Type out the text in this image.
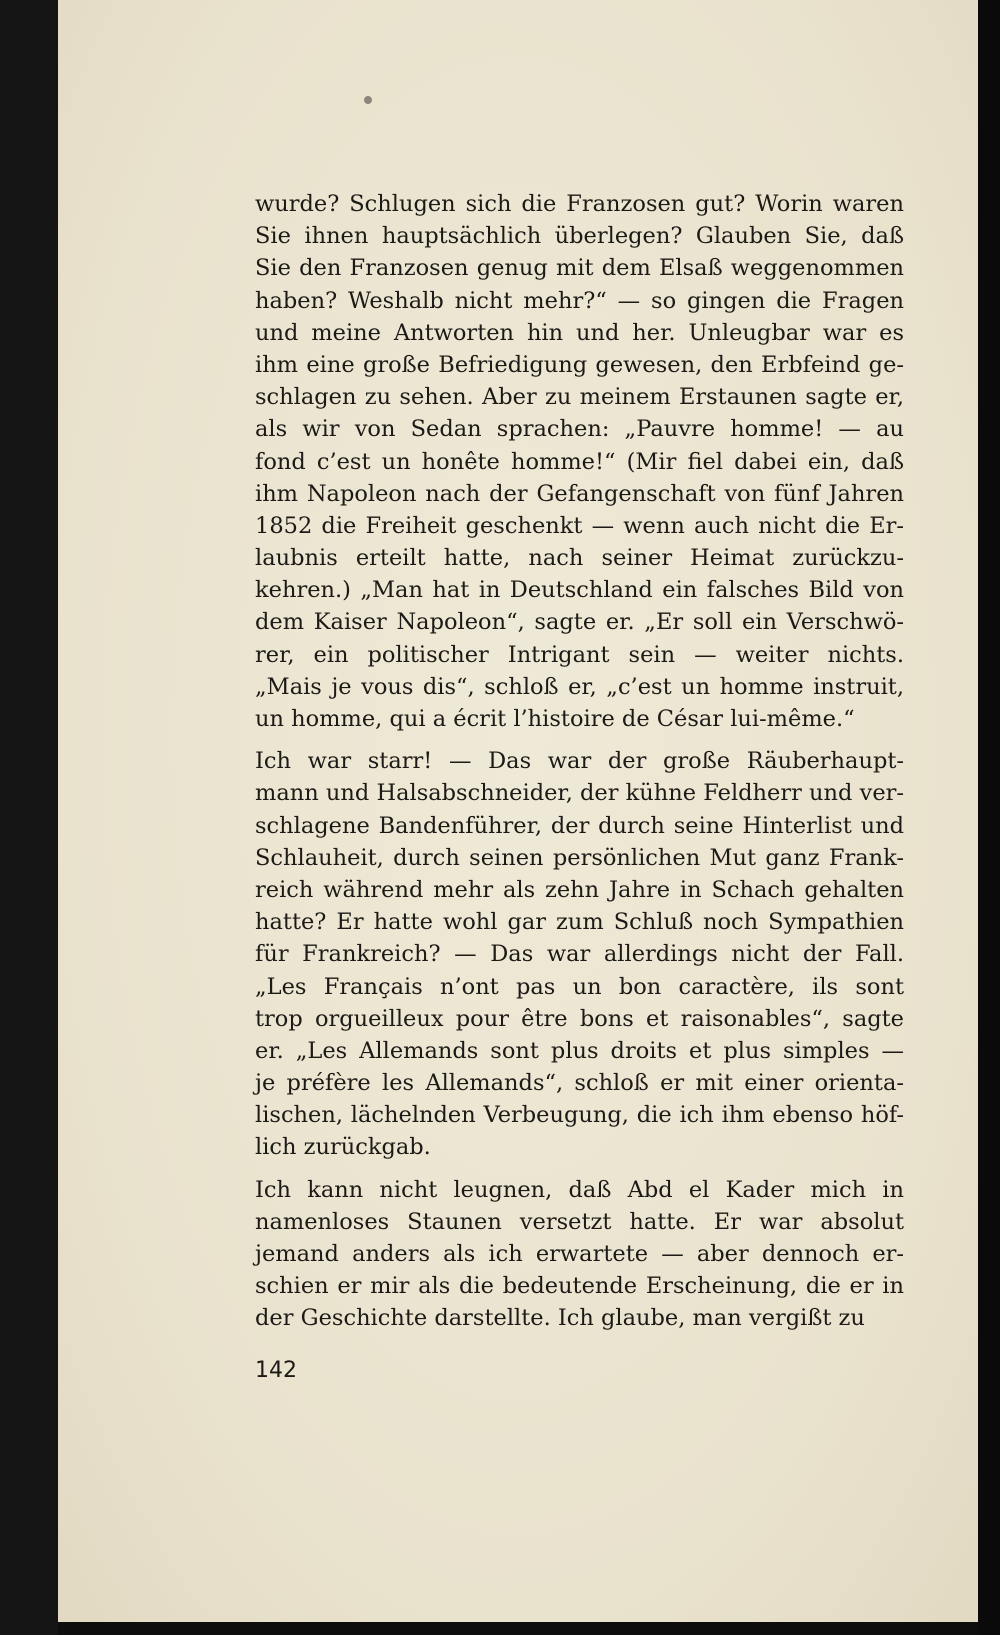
wurde? Schlugen sich die Franzosen gut? Worin waren
Sie ihnen hauptsächlich überlegen? Glauben Sie, daß
Sie den Franzosen genug mit dem Elsaß weggenommen
haben? Weshalb nicht mehr?“ — so gingen die Fragen
und meine Antworten hin und her. Unleugbar war es
ihm eine große Befriedigung gewesen, den Erbfeind ge-
schlagen zu sehen. Aber zu meinem Erstaunen sagte er,
als wir von Sedan sprachen: „Pauvre homme! — au
fond c’est un honête homme!“ (Mir fiel dabei ein, daß
ihm Napoleon nach der Gefangenschaft von fünf Jahren
1852 die Freiheit geschenkt — wenn auch nicht die Er-
laubnis erteilt hatte, nach seiner Heimat zurückzu-
kehren.) „Man hat in Deutschland ein falsches Bild von
dem Kaiser Napoleon“, sagte er. „Er soll ein Verschwö-
rer, ein politischer Intrigant sein — weiter nichts.
„Mais je vous dis“, schloß er, „c’est un homme instruit,
un homme, qui a écrit l’histoire de César lui-même.“
Ich war starr! — Das war der große Räuberhaupt-
mann und Halsabschneider, der kühne Feldherr und ver-
schlagene Bandenführer, der durch seine Hinterlist und
Schlauheit, durch seinen persönlichen Mut ganz Frank-
reich während mehr als zehn Jahre in Schach gehalten
hatte? Er hatte wohl gar zum Schluß noch Sympathien
für Frankreich? — Das war allerdings nicht der Fall.
„Les Français n’ont pas un bon caractère, ils sont
trop orgueilleux pour être bons et raisonables“, sagte
er. „Les Allemands sont plus droits et plus simples —
je préfère les Allemands“, schloß er mit einer orienta-
lischen, lächelnden Verbeugung, die ich ihm ebenso höf-
lich zurückgab.
Ich kann nicht leugnen, daß Abd el Kader mich in
namenloses Staunen versetzt hatte. Er war absolut
jemand anders als ich erwartete — aber dennoch er-
schien er mir als die bedeutende Erscheinung, die er in
der Geschichte darstellte. Ich glaube, man vergißt zu
142
